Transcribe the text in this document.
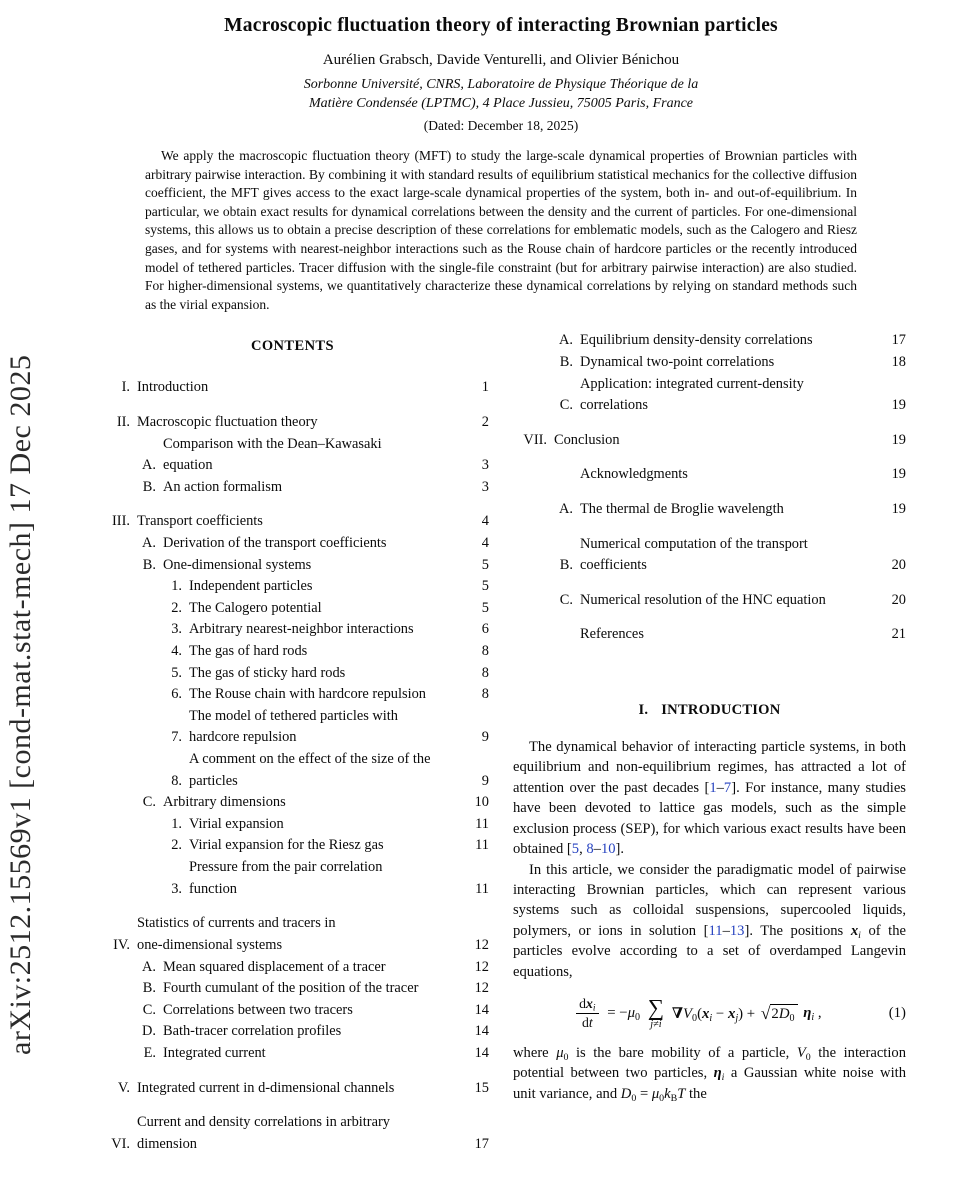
arXiv:2512.15569v1 [cond-mat.stat-mech] 17 Dec 2025
Macroscopic fluctuation theory of interacting Brownian particles
Aurélien Grabsch, Davide Venturelli, and Olivier Bénichou
Sorbonne Université, CNRS, Laboratoire de Physique Théorique de la
Matière Condensée (LPTMC), 4 Place Jussieu, 75005 Paris, France
(Dated: December 18, 2025)

We apply the macroscopic fluctuation theory (MFT) to study the large-scale dynamical properties of Brownian particles with arbitrary pairwise interaction. By combining it with standard results of equilibrium statistical mechanics for the collective diffusion coefficient, the MFT gives access to the exact large-scale dynamical properties of the system, both in- and out-of-equilibrium. In particular, we obtain exact results for dynamical correlations between the density and the current of particles. For one-dimensional systems, this allows us to obtain a precise description of these correlations for emblematic models, such as the Calogero and Riesz gases, and for systems with nearest-neighbor interactions such as the Rouse chain of hardcore particles or the recently introduced model of tethered particles. Tracer diffusion with the single-file constraint (but for arbitrary pairwise interaction) are also studied. For higher-dimensional systems, we quantitatively characterize these dynamical correlations by relying on standard methods such as the virial expansion.

CONTENTS
I. Introduction	1
II. Macroscopic fluctuation theory	2
A.
Comparison with the Dean–Kawasaki
equation	3
B. An action formalism	3
III. Transport coefficients	4
A. Derivation of the transport coefficients	4
B. One-dimensional systems	5
1. Independent particles	5
2. The Calogero potential	5
3. Arbitrary nearest-neighbor interactions	6
4. The gas of hard rods	8
5. The gas of sticky hard rods	8
6. The Rouse chain with hardcore repulsion	8
7.
The model of tethered particles with
hardcore repulsion	9
8.
A comment on the effect of the size of the
particles	9
C. Arbitrary dimensions	10
1. Virial expansion	11
2. Virial expansion for the Riesz gas	11
3.
Pressure from the pair correlation
function	11
IV.
Statistics of currents and tracers in
one-dimensional systems	12
A. Mean squared displacement of a tracer	12
B. Fourth cumulant of the position of the tracer	12
C. Correlations between two tracers	14
D. Bath-tracer correlation profiles	14
E. Integrated current	14
V. Integrated current in d-dimensional channels	15
VI.
Current and density correlations in arbitrary
dimension	17
A. Equilibrium density-density correlations	17
B. Dynamical two-point correlations	18
C.
Application: integrated current-density
correlations	19
VII. Conclusion	19
Acknowledgments	19
A. The thermal de Broglie wavelength	19
B.
Numerical computation of the transport
coefficients	20
C. Numerical resolution of the HNC equation	20
References	21
I. INTRODUCTION

The dynamical behavior of interacting particle systems, in both equilibrium and non-equilibrium regimes, has attracted a lot of attention over the past decades [1–7]. For instance, many studies have been devoted to lattice gas models, such as the simple exclusion process (SEP), for which various exact results have been obtained [5, 8–10].

In this article, we consider the paradigmatic model of pairwise interacting Brownian particles, which can represent various systems such as colloidal suspensions, supercooled liquids, polymers, or ions in solution [11–13]. The positions xi of the particles evolve according to a set of overdamped Langevin equations,

$\frac{\text{dxi}}{dt} = -\mu_0$ ∑
j≠i
$\nabla V_0(xi - xj)$ + √ $2D_0$ ηi ,	(1)

where $\mu_0$ is the bare mobility of a particle, $V_0$ the interaction potential between two particles, ηi a Gaussian white noise with unit variance, and $D_0 = \mu_0k_BT$ the
